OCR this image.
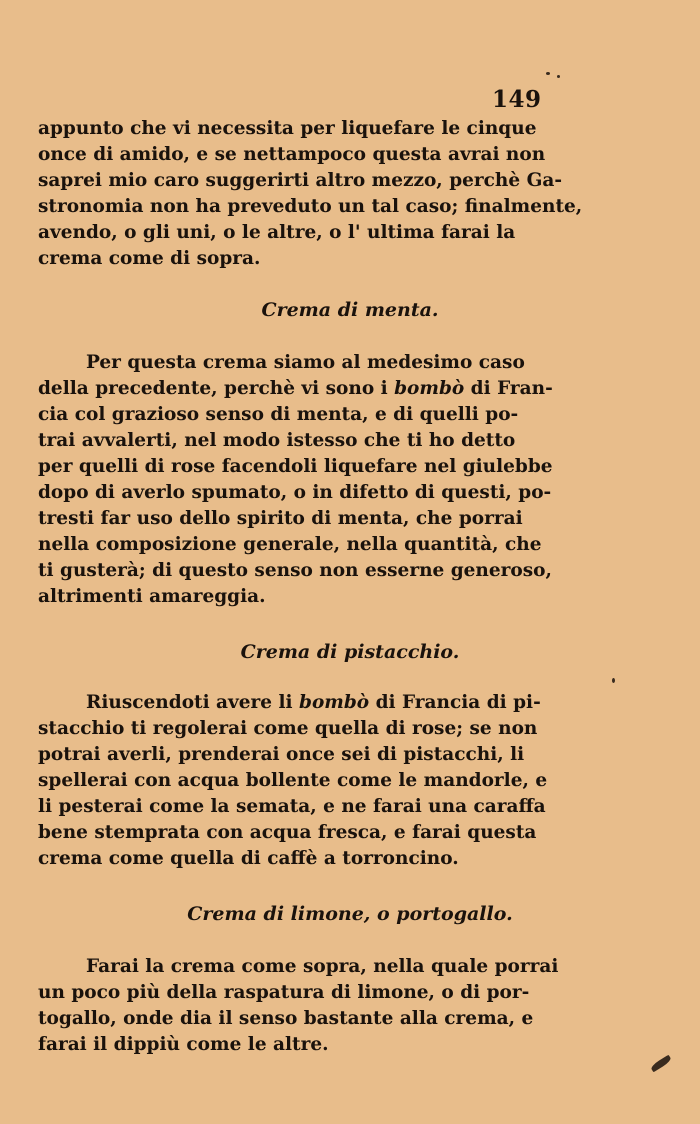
149
appunto che vi necessita per liquefare le cinque
once di amido, e se nettampoco questa avrai non
saprei mio caro suggerirti altro mezzo, perchè Ga-
stronomia non ha preveduto un tal caso; finalmente,
avendo, o gli uni, o le altre, o l' ultima farai la
crema come di sopra.
Crema di menta.
Per questa crema siamo al medesimo caso
della precedente, perchè vi sono i bombò di Fran-
cia col grazioso senso di menta, e di quelli po-
trai avvalerti, nel modo istesso che ti ho detto
per quelli di rose facendoli liquefare nel giulebbe
dopo di averlo spumato, o in difetto di questi, po-
tresti far uso dello spirito di menta, che porrai
nella composizione generale, nella quantità, che
ti gusterà; di questo senso non esserne generoso,
altrimenti amareggia.
Crema di pistacchio.
Riuscendoti avere li bombò di Francia di pi-
stacchio ti regolerai come quella di rose; se non
potrai averli, prenderai once sei di pistacchi, li
spellerai con acqua bollente come le mandorle, e
li pesterai come la semata, e ne farai una caraffa
bene stemprata con acqua fresca, e farai questa
crema come quella di caffè a torroncino.
Crema di limone, o portogallo.
Farai la crema come sopra, nella quale porrai
un poco più della raspatura di limone, o di por-
togallo, onde dia il senso bastante alla crema, e
farai il dippiù come le altre.
